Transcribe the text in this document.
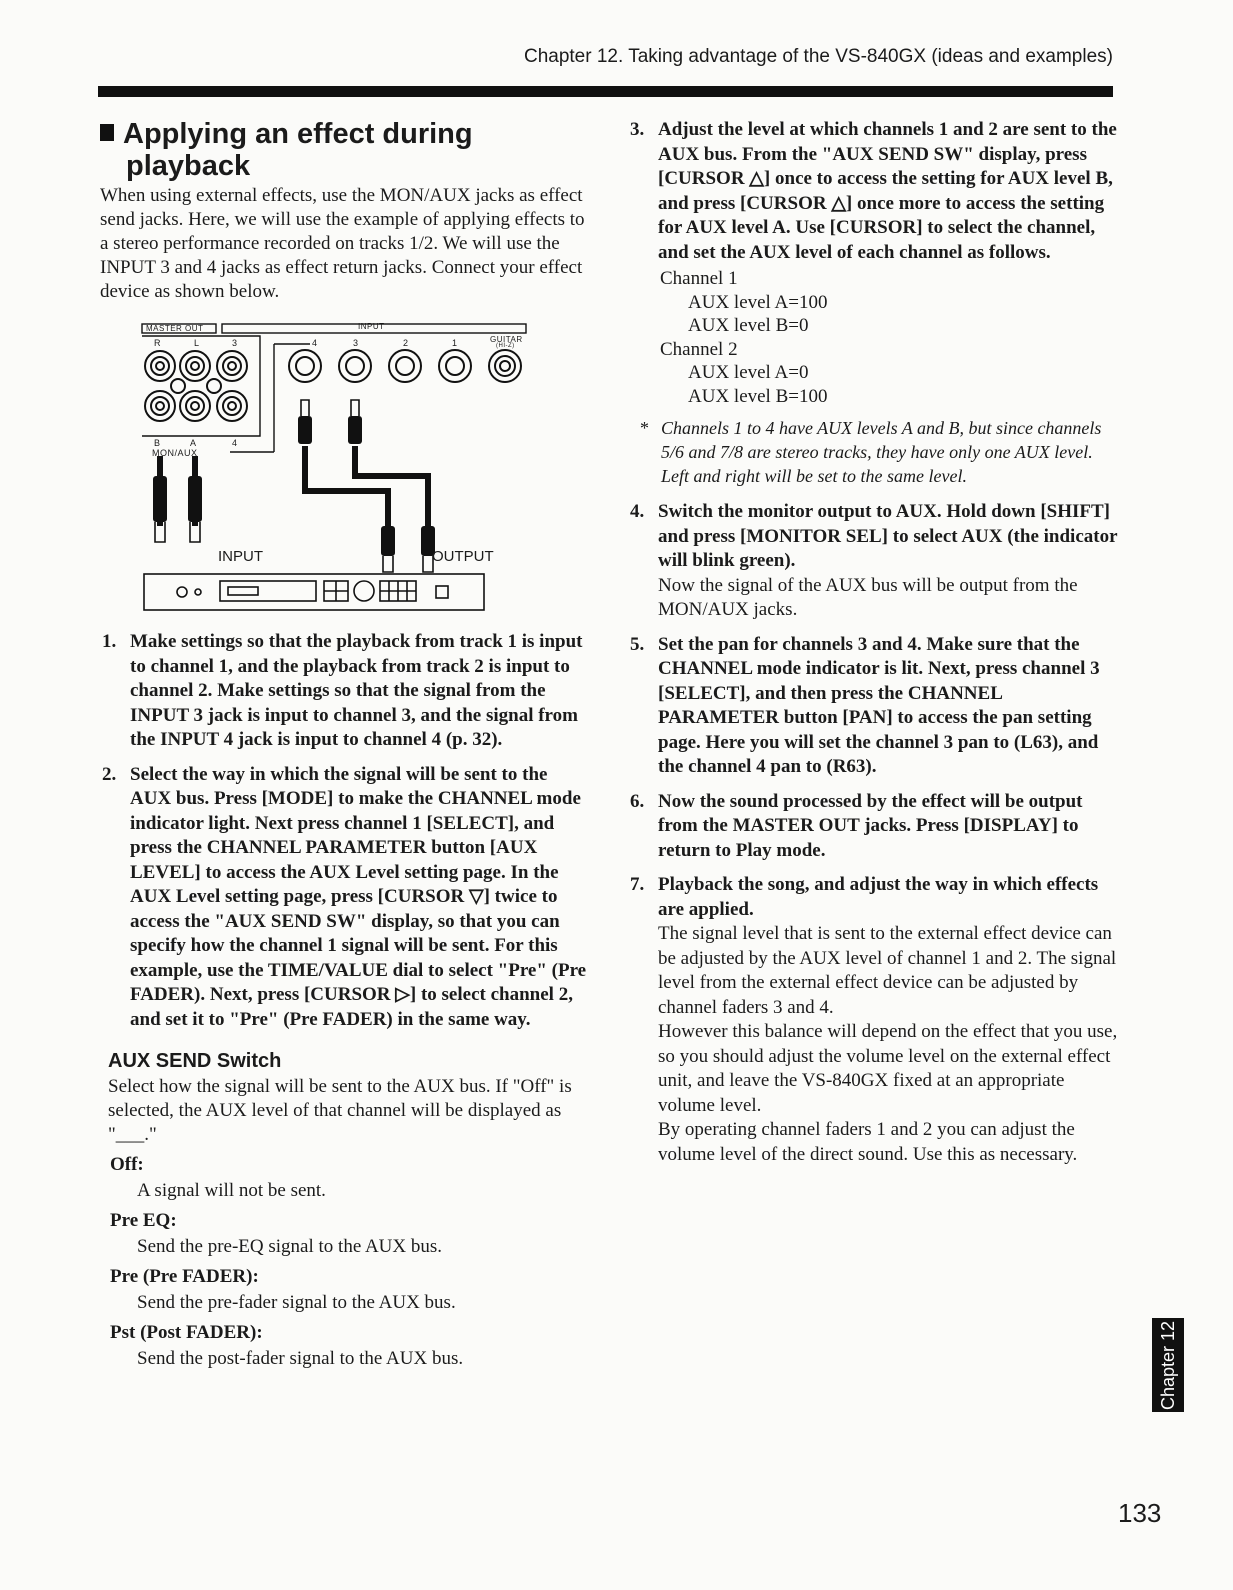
Chapter 12. Taking advantage of the VS-840GX (ideas and examples)
Applying an effect during
playback

When using external effects, use the MON/AUX jacks as effect send jacks. Here, we will use the example of applying effects to a stereo performance recorded on tracks 1/2. We will use the INPUT 3 and 4 jacks as effect return jacks. Connect your effect device as shown below.

MASTER OUT	INPUT
R	L	3	4	3	2	1	GUITAR
(HI-Z)
B	A	4
MON/AUX
INPUT	OUTPUT
1. Make settings so that the playback from track 1 is input to channel 1, and the playback from track 2 is input to channel 2. Make settings so that the signal from the INPUT 3 jack is input to channel 3, and the signal from the INPUT 4 jack is input to channel 4 (p. 32).
2. Select the way in which the signal will be sent to the AUX bus. Press [MODE] to make the CHANNEL mode indicator light. Next press channel 1 [SELECT], and press the CHANNEL PARAMETER button [AUX LEVEL] to access the AUX Level setting page. In the AUX Level setting page, press [CURSOR ▽] twice to access the "AUX SEND SW" display, so that you can specify how the channel 1 signal will be sent. For this example, use the TIME/VALUE dial to select "Pre" (Pre FADER). Next, press [CURSOR ▷] to select channel 2, and set it to "Pre" (Pre FADER) in the same way.
AUX SEND Switch

Select how the signal will be sent to the AUX bus. If "Off" is selected, the AUX level of that channel will be displayed as "___."

Off:
A signal will not be sent.
Pre EQ:
Send the pre-EQ signal to the AUX bus.
Pre (Pre FADER):
Send the pre-fader signal to the AUX bus.
Pst (Post FADER):
Send the post-fader signal to the AUX bus.
3. Adjust the level at which channels 1 and 2 are sent to the AUX bus. From the "AUX SEND SW" display, press [CURSOR △] once to access the setting for AUX level B, and press [CURSOR △] once more to access the setting for AUX level A. Use [CURSOR] to select the channel, and set the AUX level of each channel as follows.
Channel 1
AUX level A=100
AUX level B=0
Channel 2
AUX level A=0
AUX level B=100
* Channels 1 to 4 have AUX levels A and B, but since channels 5/6 and 7/8 are stereo tracks, they have only one AUX level. Left and right will be set to the same level.
4. Switch the monitor output to AUX. Hold down [SHIFT] and press [MONITOR SEL] to select AUX (the indicator will blink green).
Now the signal of the AUX bus will be output from the MON/AUX jacks.
5. Set the pan for channels 3 and 4. Make sure that the CHANNEL mode indicator is lit. Next, press channel 3 [SELECT], and then press the CHANNEL PARAMETER button [PAN] to access the pan setting page. Here you will set the channel 3 pan to (L63), and the channel 4 pan to (R63).
6. Now the sound processed by the effect will be output from the MASTER OUT jacks. Press [DISPLAY] to return to Play mode.
7. Playback the song, and adjust the way in which effects are applied.
The signal level that is sent to the external effect device can be adjusted by the AUX level of channel 1 and 2. The signal level from the external effect device can be adjusted by channel faders 3 and 4.
However this balance will depend on the effect that you use, so you should adjust the volume level on the external effect unit, and leave the VS-840GX fixed at an appropriate volume level.
By operating channel faders 1 and 2 you can adjust the volume level of the direct sound. Use this as necessary.
Chapter 12
133
